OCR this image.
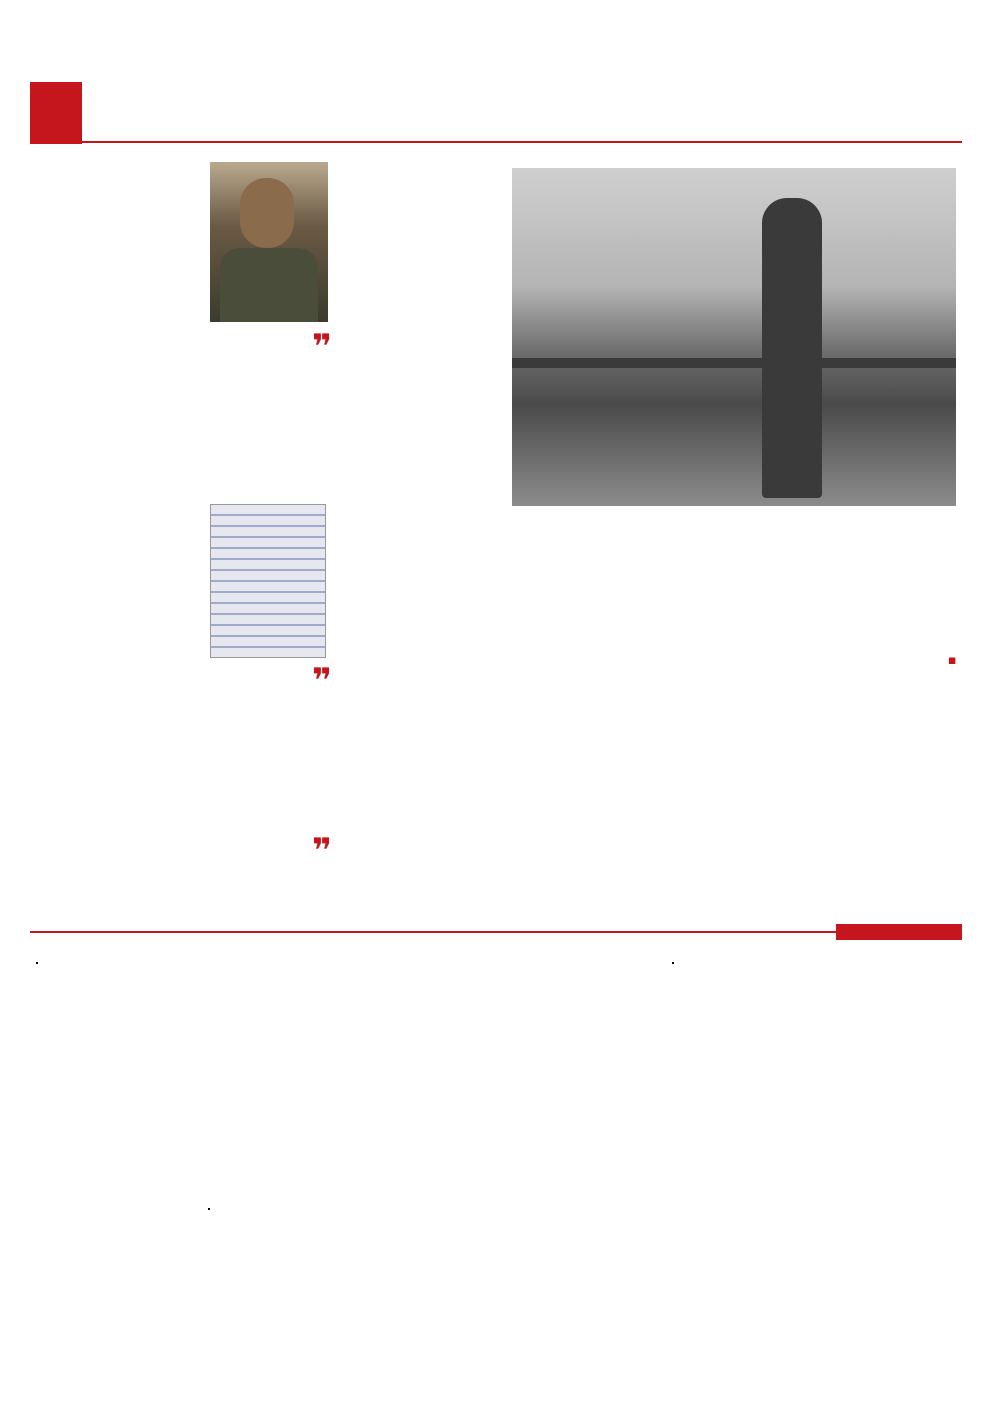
■

❞
❞
❞
